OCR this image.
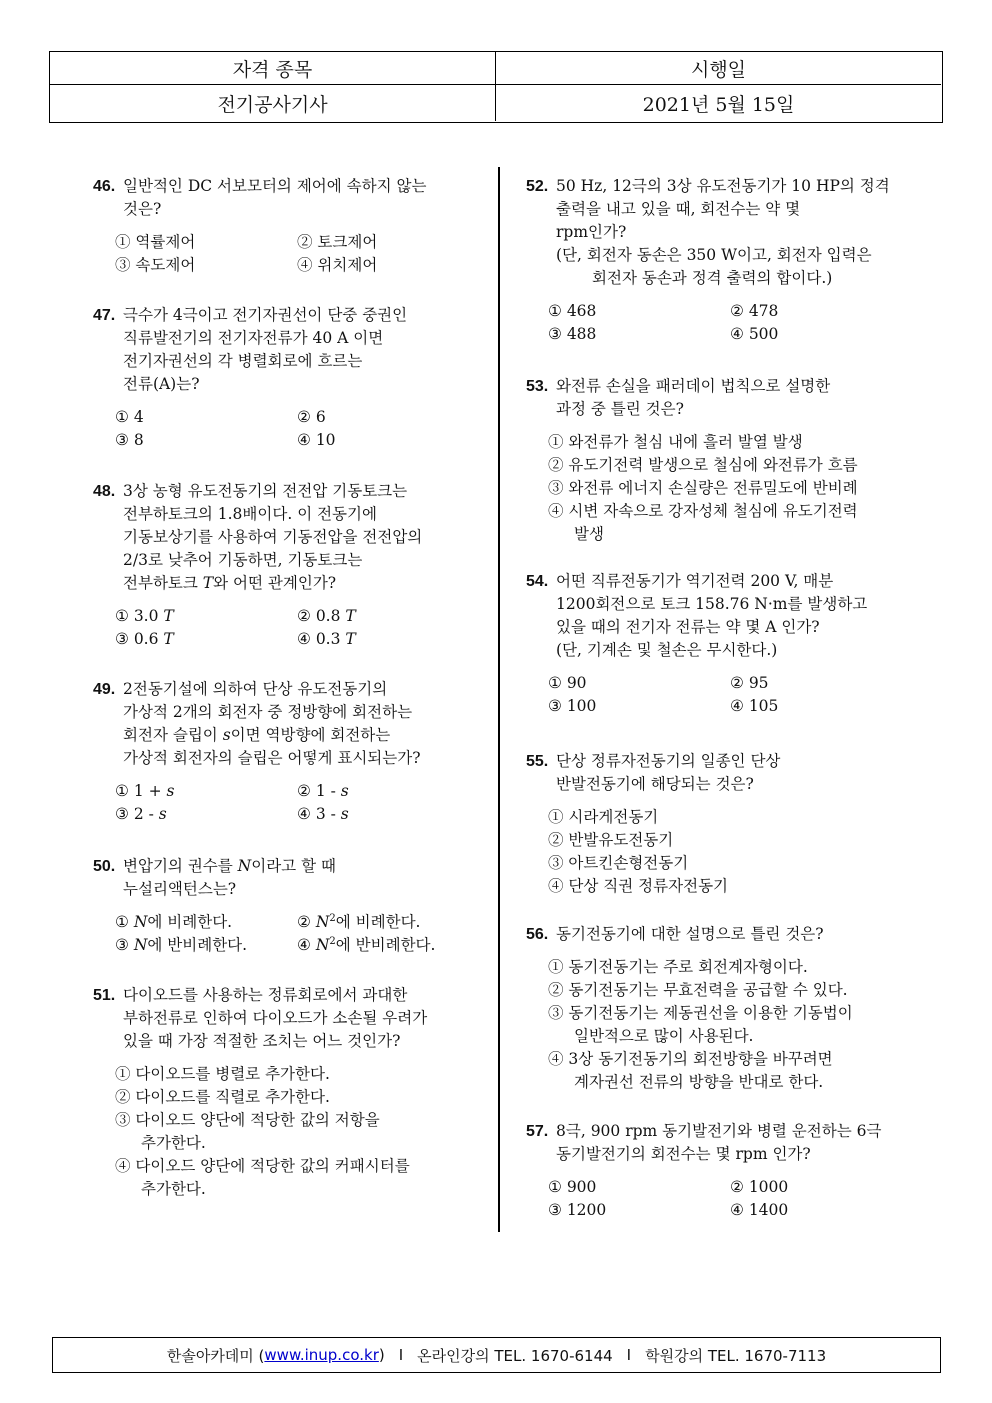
자격 종목	시행일
전기공사기사	2021년 5월 15일
46. 일반적인 DC 서보모터의 제어에 속하지 않는
것은?
① 역률제어	② 토크제어
③ 속도제어	④ 위치제어
47. 극수가 4극이고 전기자권선이 단중 중권인
직류발전기의 전기자전류가 40 A 이면
전기자권선의 각 병렬회로에 흐르는
전류(A)는?
① 4	② 6
③ 8	④ 10
48. 3상 농형 유도전동기의 전전압 기동토크는
전부하토크의 1.8배이다. 이 전동기에
기동보상기를 사용하여 기동전압을 전전압의
2/3로 낮추어 기동하면, 기동토크는
전부하토크 T와 어떤 관계인가?
① 3.0 T	② 0.8 T
③ 0.6 T	④ 0.3 T
49. 2전동기설에 의하여 단상 유도전동기의
가상적 2개의 회전자 중 정방향에 회전하는
회전자 슬립이 s이면 역방향에 회전하는
가상적 회전자의 슬립은 어떻게 표시되는가?
① 1 + s	② 1 - s
③ 2 - s	④ 3 - s
50. 변압기의 권수를 N이라고 할 때
누설리액턴스는?
① N에 비례한다.	② $N^2$에 비례한다.
③ N에 반비례한다.	④ $N^2$에 반비례한다.
51. 다이오드를 사용하는 정류회로에서 과대한
부하전류로 인하여 다이오드가 소손될 우려가
있을 때 가장 적절한 조치는 어느 것인가?
① 다이오드를 병렬로 추가한다.
② 다이오드를 직렬로 추가한다.
③ 다이오드 양단에 적당한 값의 저항을
추가한다.
④ 다이오드 양단에 적당한 값의 커패시터를
추가한다.
52. 50 Hz, 12극의 3상 유도전동기가 10 HP의 정격
출력을 내고 있을 때, 회전수는 약 몇
rpm인가?
(단, 회전자 동손은 350 W이고, 회전자 입력은
회전자 동손과 정격 출력의 합이다.)
① 468	② 478
③ 488	④ 500
53. 와전류 손실을 패러데이 법칙으로 설명한
과정 중 틀린 것은?
① 와전류가 철심 내에 흘러 발열 발생
② 유도기전력 발생으로 철심에 와전류가 흐름
③ 와전류 에너지 손실량은 전류밀도에 반비례
④ 시변 자속으로 강자성체 철심에 유도기전력
발생
54. 어떤 직류전동기가 역기전력 200 V, 매분
1200회전으로 토크 158.76 N·m를 발생하고
있을 때의 전기자 전류는 약 몇 A 인가?
(단, 기계손 및 철손은 무시한다.)
① 90	② 95
③ 100	④ 105
55. 단상 정류자전동기의 일종인 단상
반발전동기에 해당되는 것은?
① 시라게전동기
② 반발유도전동기
③ 아트킨손형전동기
④ 단상 직권 정류자전동기
56. 동기전동기에 대한 설명으로 틀린 것은?
① 동기전동기는 주로 회전계자형이다.
② 동기전동기는 무효전력을 공급할 수 있다.
③ 동기전동기는 제동권선을 이용한 기동법이
일반적으로 많이 사용된다.
④ 3상 동기전동기의 회전방향을 바꾸려면
계자권선 전류의 방향을 반대로 한다.
57. 8극, 900 rpm 동기발전기와 병렬 운전하는 6극
동기발전기의 회전수는 몇 rpm 인가?
① 900	② 1000
③ 1200	④ 1400
한솔아카데미 ( www.inup.co.kr ) I 온라인강의 TEL. 1670-6144 I 학원강의 TEL. 1670-7113
